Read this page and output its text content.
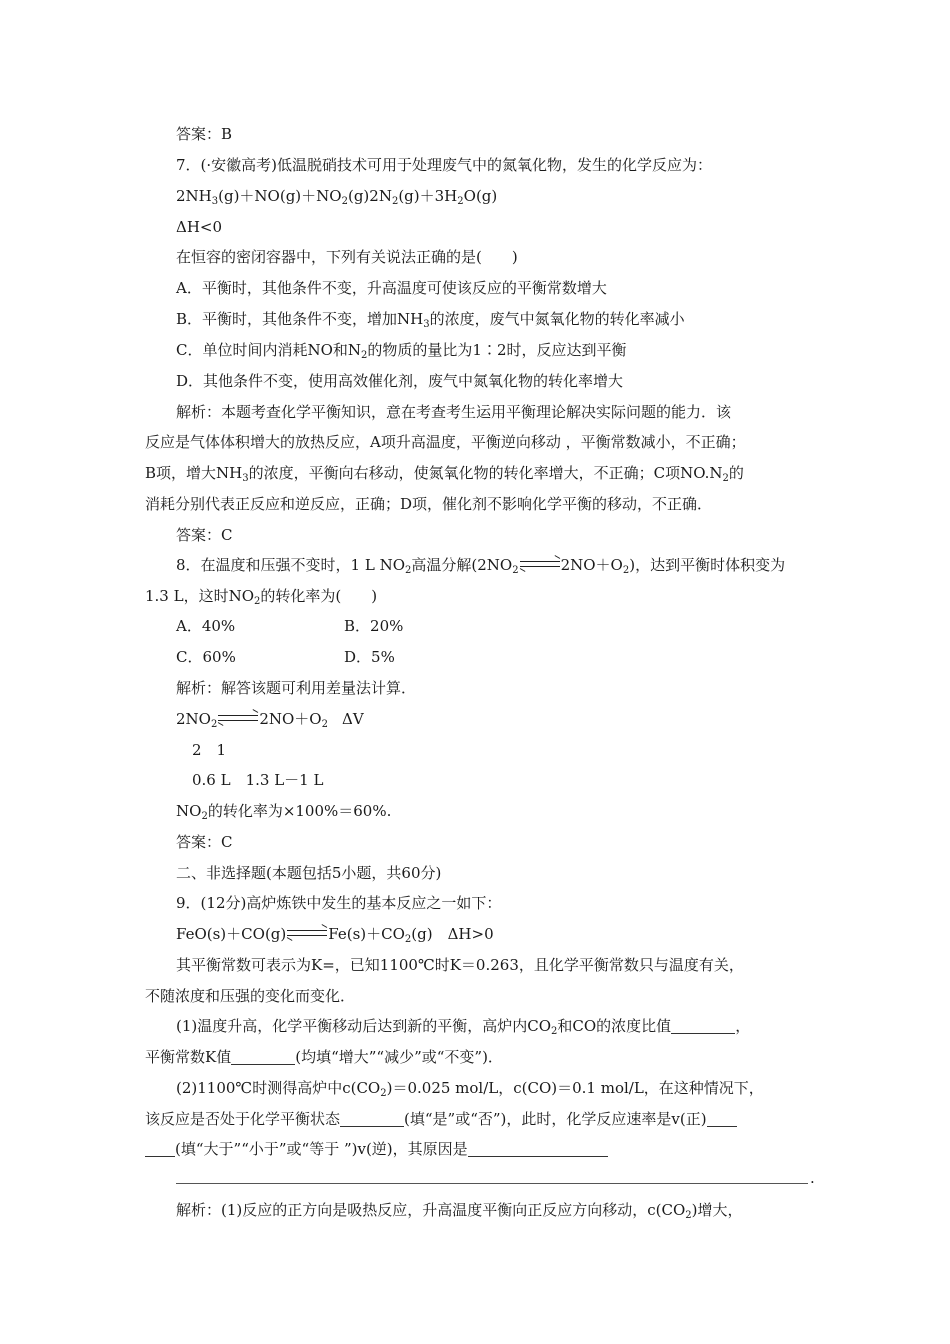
答案：B
7．(·安徽高考)低温脱硝技术可用于处理废气中的氮氧化物，发生的化学反应为：
$2NH_3(g)+NO(g)+NO_2(g)2N_2(g)+3H_2O(g)$
ΔH<0
在恒容的密闭容器中，下列有关说法正确的是(　　)
A．平衡时，其他条件不变，升高温度可使该反应的平衡常数增大
B．平衡时，其他条件不变，增加$NH_3$的浓度，废气中氮氧化物的转化率减小
C．单位时间内消耗NO和$N_2$的物质的量比为1∶2时，反应达到平衡
D．其他条件不变，使用高效催化剂，废气中氮氧化物的转化率增大
解析：本题考查化学平衡知识，意在考查考生运用平衡理论解决实际问题的能力．该
反应是气体体积增大的放热反应，A项升高温度，平衡逆向移动 ，平衡常数减小，不正确；
B项，增大$NH_3$的浓度，平衡向右移动，使氮氧化物的转化率增大，不正确；C项$NO.N_2$的
消耗分别代表正反应和逆反应，正确；D项，催化剂不影响化学平衡的移动，不正确．
答案：C
8．在温度和压强不变时，1 L $NO_2$高温分解($2NO_2$	$2NO+O_2$)，达到平衡时体积变为
1.3 L，这时$NO_2$的转化率为(　　)
A．40%	B．20%
C．60%	D．5%
解析：解答该题可利用差量法计算．
$2NO_2$	$2NO+O_2$ ΔV
2　1
0.6 L　1.3 L－1 L
$NO_2$的转化率为×100%＝60%.
答案：C
二、非选择题(本题包括5小题，共60分)
9．(12分)高炉炼铁中发生的基本反应之一如下：
FeO(s)＋CO(g)	$Fe(s)+CO_2(g)$　ΔH>0
其平衡常数可表示为K=，已知1100℃时K＝0.263，且化学平衡常数只与温度有关，
不随浓度和压强的变化而变化．
(1)温度升高，化学平衡移动后达到新的平衡，高炉内$CO_2$和CO的浓度比值	，
平衡常数K值	(均填“增大”“减少”或“不变”)．
(2)1100℃时测得高炉中$c(CO_2)=0.025$ mol/L，c(CO)＝0.1 mol/L，在这种情况下，
该反应是否处于化学平衡状态	(填“是”或“否”)，此时，化学反应速率是v(正)
(填“大于”“小于”或“等于 ”)v(逆)，其原因是
.
解析：(1)反应的正方向是吸热反应，升高温度平衡向正反应方向移动，$c(CO_2)$增大，
